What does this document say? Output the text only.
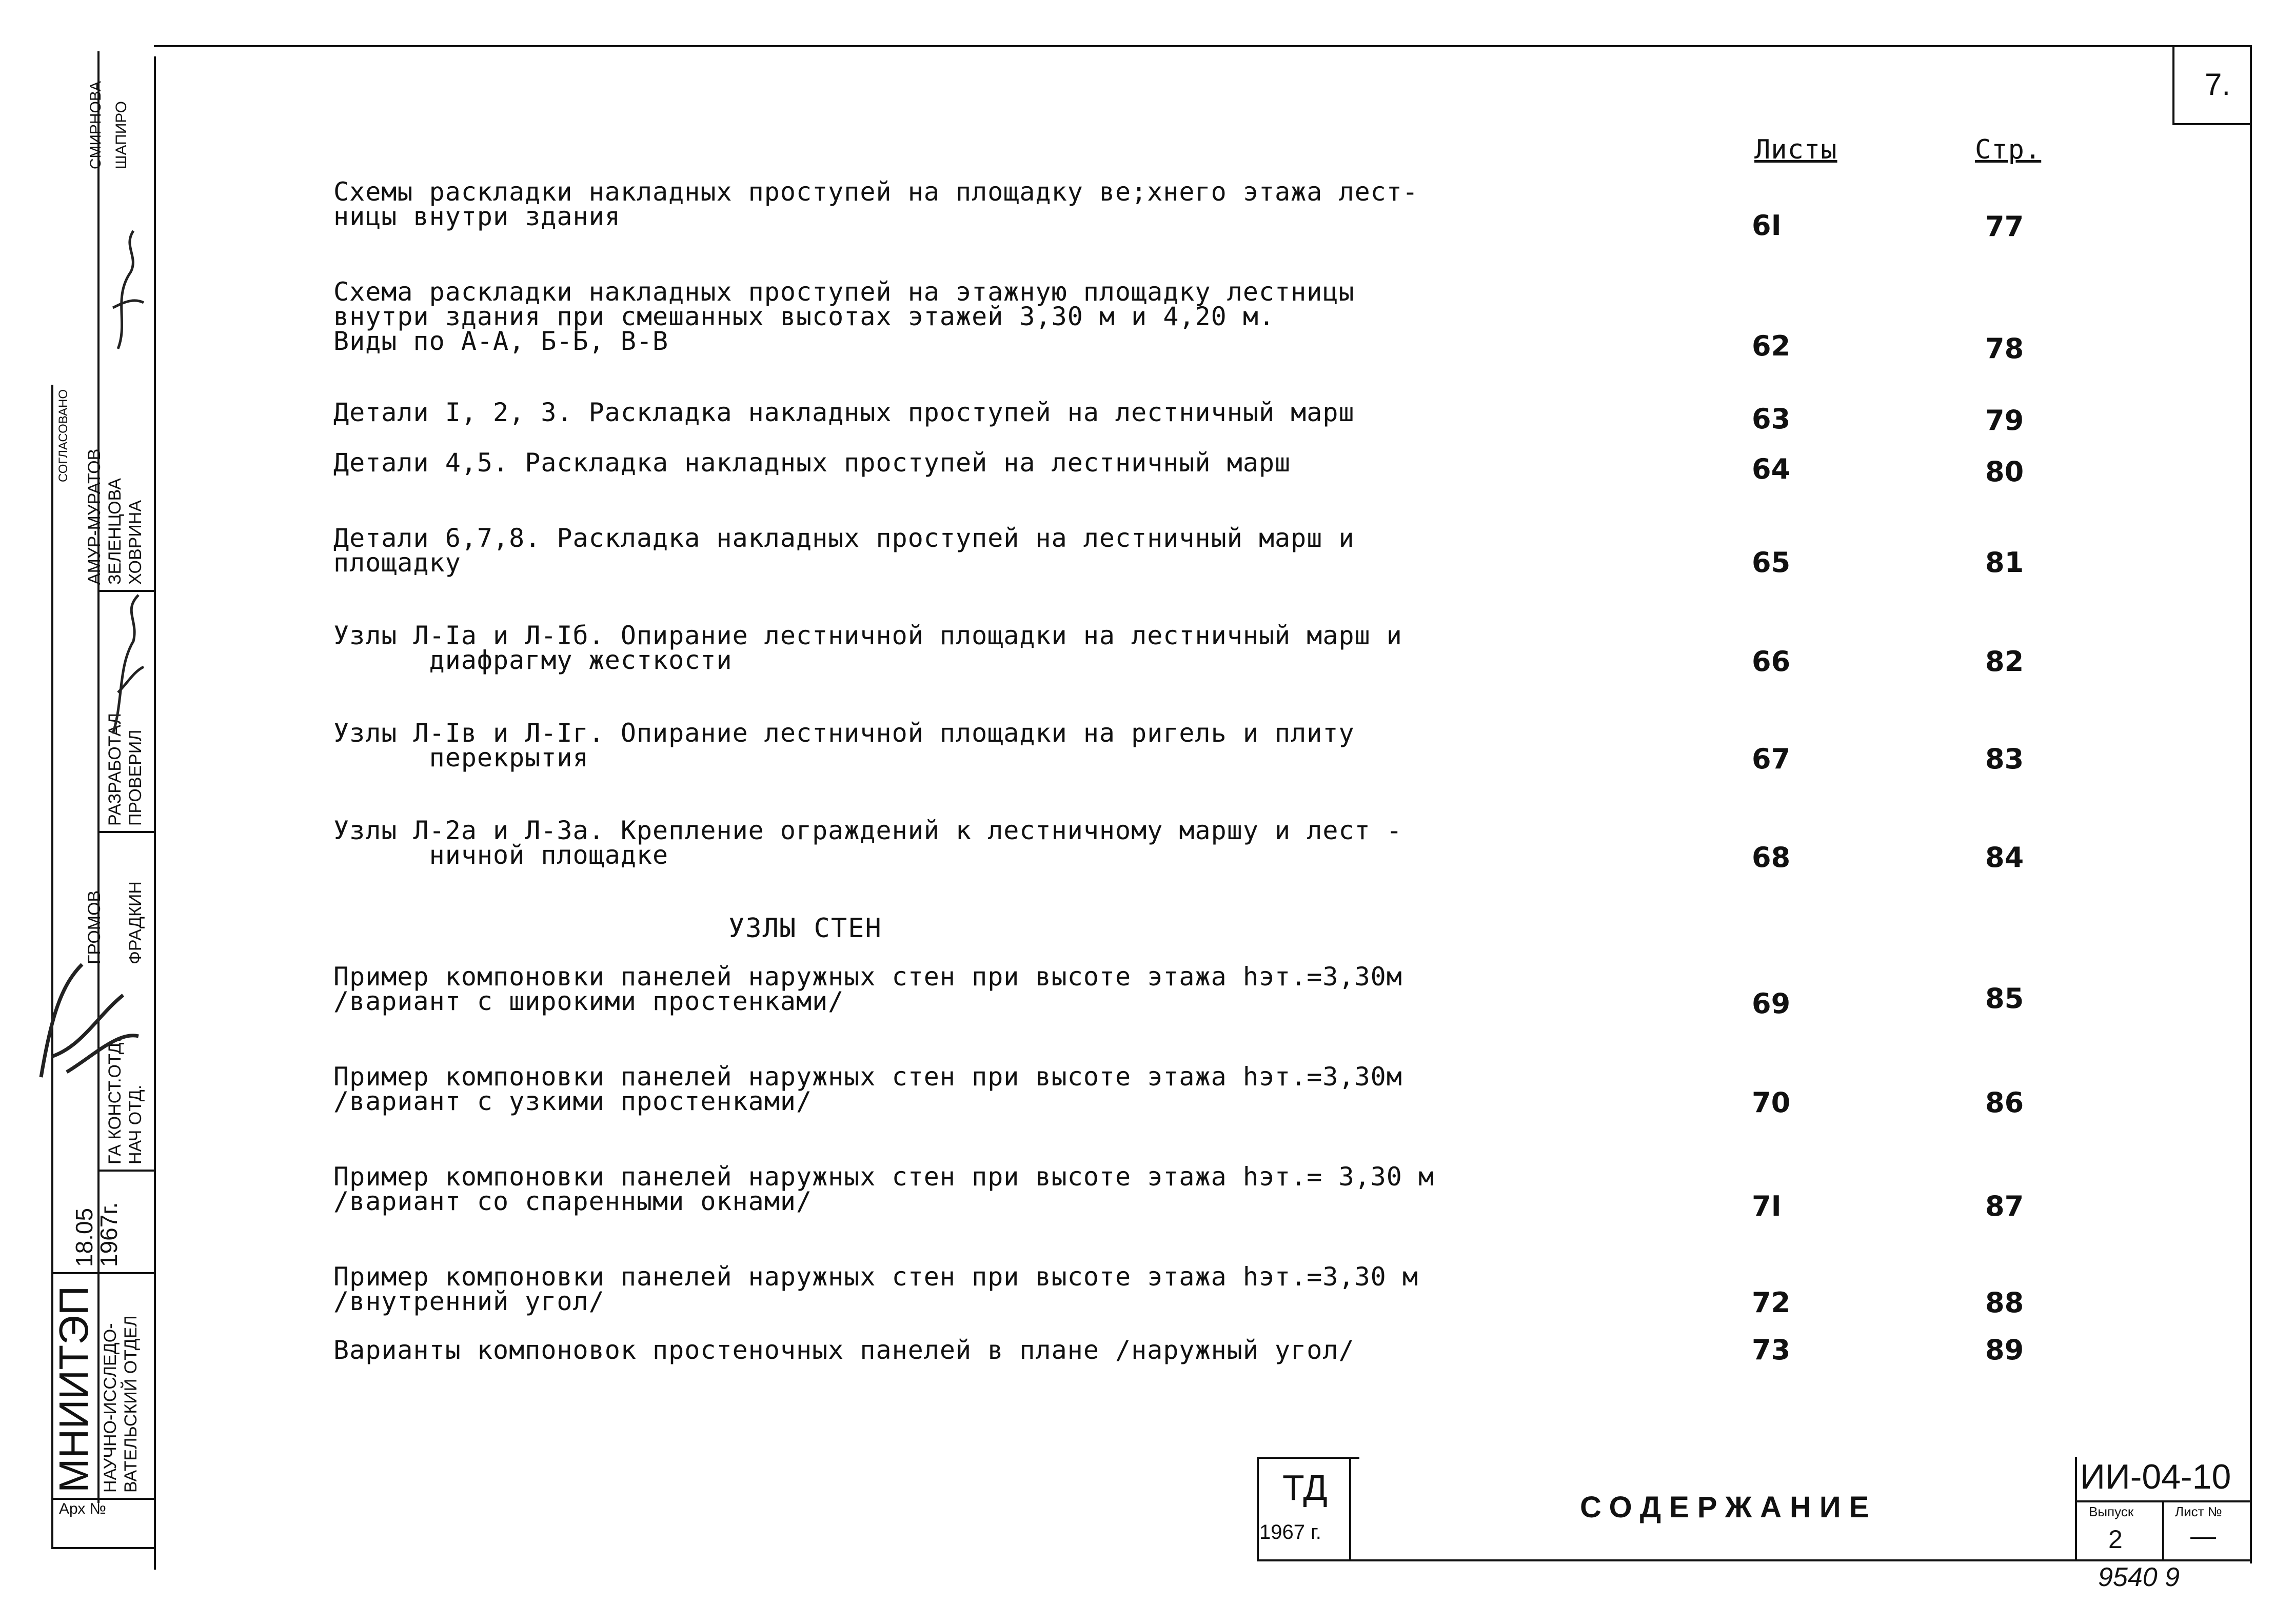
7.
Листы	Стр.
Схемы раскладки накладных проступей на площадку ве;хнего этажа лест-
ницы внутри здания	6I	77
Схема раскладки накладных проступей на этажную площадку лестницы
внутри здания при смешанных высотах этажей 3,30 м и 4,20 м.
Виды по А-А, Б-Б, В-В	62	78
Детали I, 2, 3. Раскладка накладных проступей на лестничный марш	63	79
Детали 4,5. Раскладка накладных проступей на лестничный марш	64	80
Детали 6,7,8. Раскладка накладных проступей на лестничный марш и
площадку	65	81
Узлы Л-Iа и Л-Iб. Опирание лестничной площадки на лестничный марш и
диафрагму жесткости	66	82
Узлы Л-Iв и Л-Iг. Опирание лестничной площадки на ригель и плиту
перекрытия	67	83
Узлы Л-2а и Л-3а. Крепление ограждений к лестничному маршу и лест -
ничной площадке	68	84
УЗЛЫ СТЕН
Пример компоновки панелей наружных стен при высоте этажа hэт.=3,30м
/вариант с широкими простенками/	69	85
Пример компоновки панелей наружных стен при высоте этажа hэт.=3,30м
/вариант с узкими простенками/	70	86
Пример компоновки панелей наружных стен при высоте этажа hэт.= 3,30 м
/вариант со спаренными окнами/	7I	87
Пример компоновки панелей наружных стен при высоте этажа hэт.=3,30 м
/внутренний угол/	72	88
Варианты компоновок простеночных панелей в плане /наружный угол/	73	89
ТД
1967 г.
СОДЕРЖАНИЕ
ИИ-04-10
Выпуск
2
Лист №
—
9540 9
МНИИТЭП НАУЧНО-ИССЛЕДО-
ВАТЕЛЬСКИЙ ОТДЕЛ
18.05
1967г.
ГА КОНСТ.ОТД. НАЧ ОТД.
РАЗРАБОТАЛ ПРОВЕРИЛ
СОГЛАСОВАНО
ГРОМОВ ФРАДКИН
АМУР-МУРАТОВ ЗЕЛЕНЦОВА ХОВРИНА
СМИРНОВА ШАПИРО
Арх №
